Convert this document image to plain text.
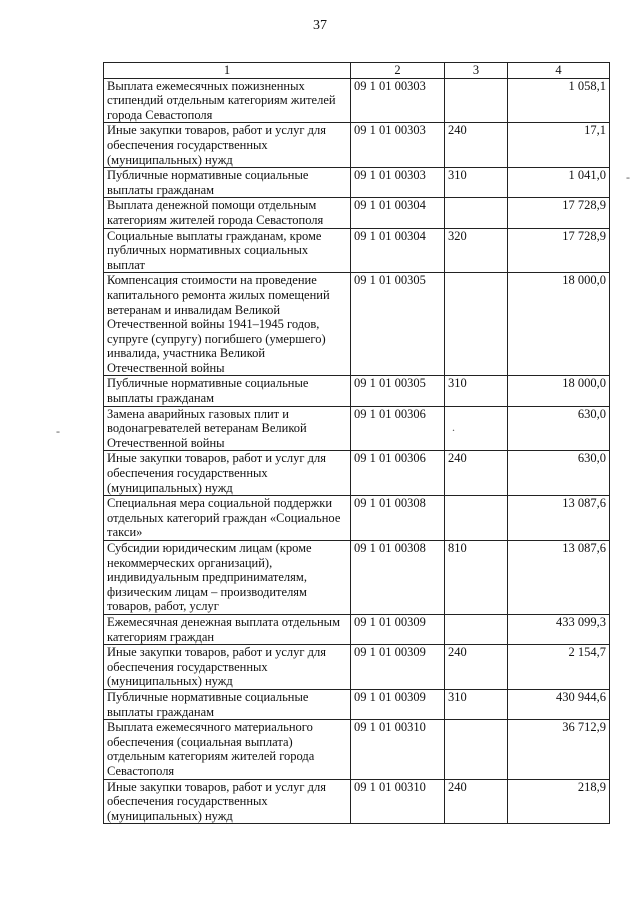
37
1	2	3	4
Выплата ежемесячных пожизненных стипендий отдельным категориям жителей города Севастополя	09 1 01 00303		1 058,1
Иные закупки товаров, работ и услуг для обеспечения государственных (муниципальных) нужд	09 1 01 00303	240	17,1
Публичные нормативные социальные выплаты гражданам	09 1 01 00303	310	1 041,0
Выплата денежной помощи отдельным категориям жителей города Севастополя	09 1 01 00304		17 728,9
Социальные выплаты гражданам, кроме публичных нормативных социальных выплат	09 1 01 00304	320	17 728,9
Компенсация стоимости на проведение капитального ремонта жилых помещений ветеранам и инвалидам Великой Отечественной войны 1941–1945 годов, супруге (супругу) погибшего (умершего) инвалида, участника Великой Отечественной войны	09 1 01 00305		18 000,0
Публичные нормативные социальные выплаты гражданам	09 1 01 00305	310	18 000,0
Замена аварийных газовых плит и водонагревателей ветеранам Великой Отечественной войны	09 1 01 00306		630,0
Иные закупки товаров, работ и услуг для обеспечения государственных (муниципальных) нужд	09 1 01 00306	240	630,0
Специальная мера социальной поддержки отдельных категорий граждан «Социальное такси»	09 1 01 00308		13 087,6
Субсидии юридическим лицам (кроме некоммерческих организаций), индивидуальным предпринимателям, физическим лицам – производителям товаров, работ, услуг	09 1 01 00308	810	13 087,6
Ежемесячная денежная выплата отдельным категориям граждан	09 1 01 00309		433 099,3
Иные закупки товаров, работ и услуг для обеспечения государственных (муниципальных) нужд	09 1 01 00309	240	2 154,7
Публичные нормативные социальные выплаты гражданам	09 1 01 00309	310	430 944,6
Выплата ежемесячного материального обеспечения (социальная выплата) отдельным категориям жителей города Севастополя	09 1 01 00310		36 712,9
Иные закупки товаров, работ и услуг для обеспечения государственных (муниципальных) нужд	09 1 01 00310	240	218,9
-
.
-
